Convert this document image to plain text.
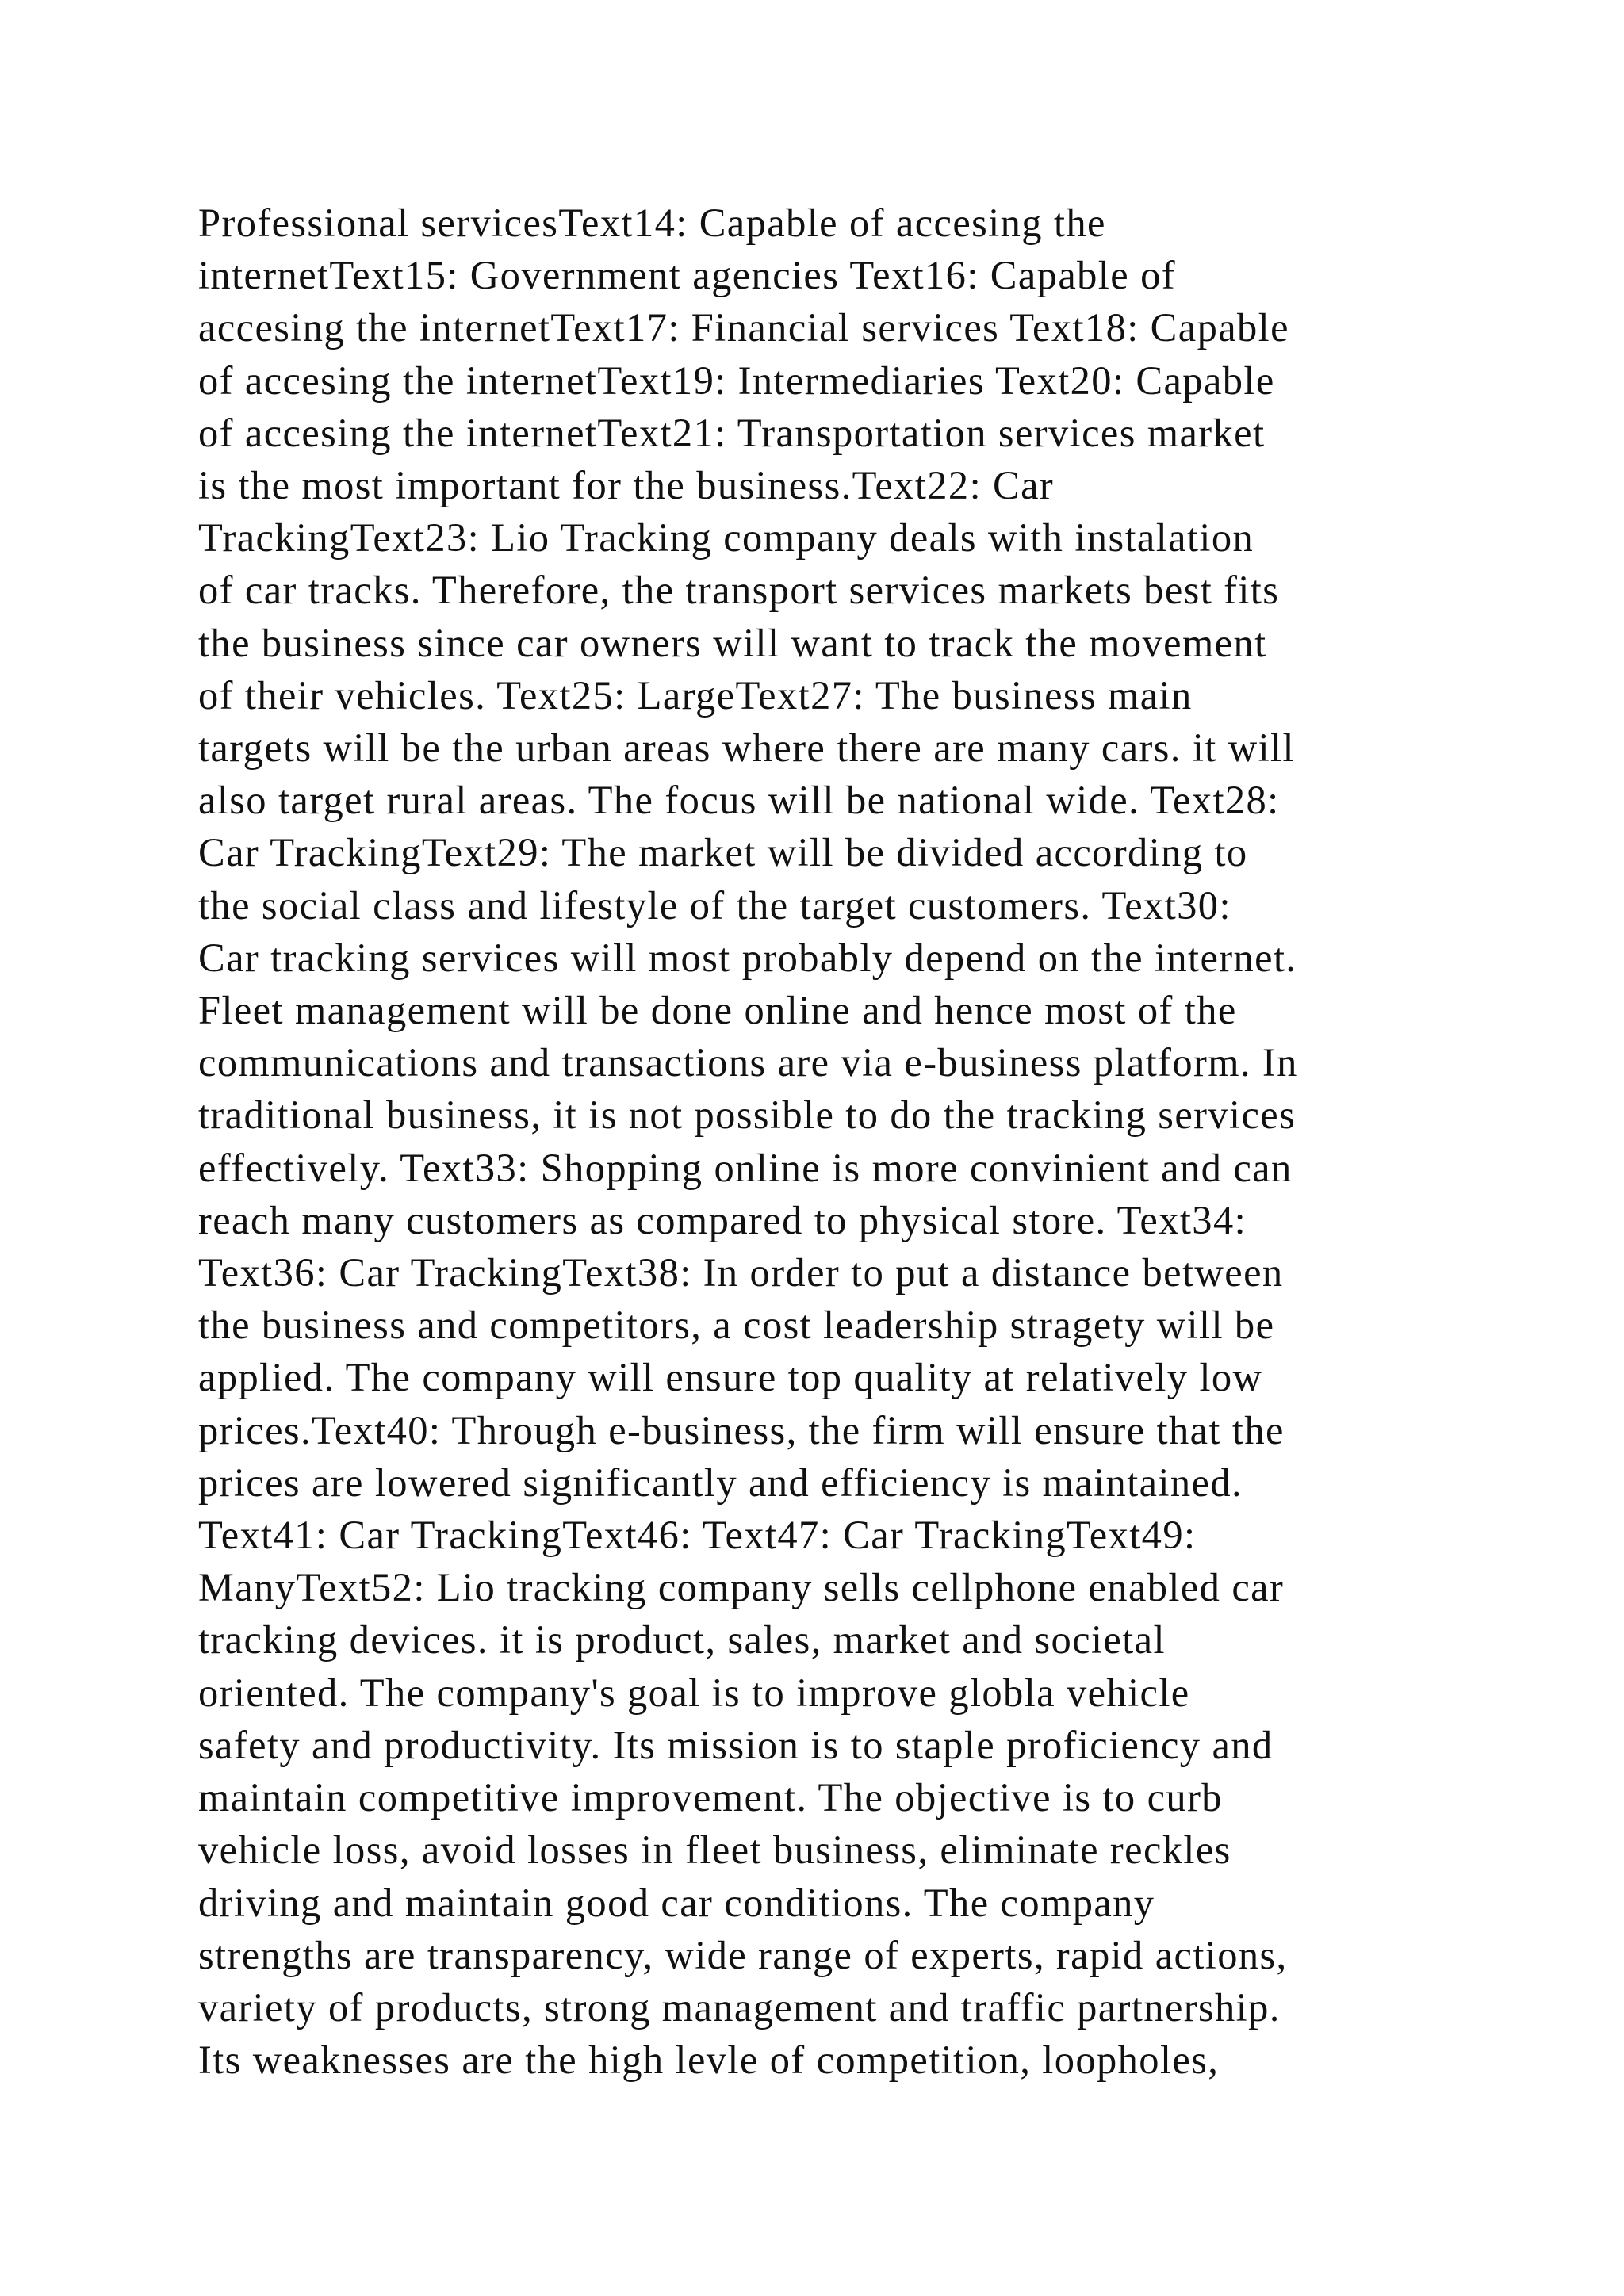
Professional servicesText14: Capable of accesing the
internetText15: Government agencies Text16: Capable of
accesing the internetText17: Financial services Text18: Capable
of accesing the internetText19: Intermediaries Text20: Capable
of accesing the internetText21: Transportation services market
is the most important for the business.Text22: Car
TrackingText23: Lio Tracking company deals with instalation
of car tracks. Therefore, the transport services markets best fits
the business since car owners will want to track the movement
of their vehicles. Text25: LargeText27: The business main
targets will be the urban areas where there are many cars. it will
also target rural areas. The focus will be national wide. Text28:
Car TrackingText29: The market will be divided according to
the social class and lifestyle of the target customers. Text30:
Car tracking services will most probably depend on the internet.
Fleet management will be done online and hence most of the
communications and transactions are via e-business platform. In
traditional business, it is not possible to do the tracking services
effectively. Text33: Shopping online is more convinient and can
reach many customers as compared to physical store. Text34:
Text36: Car TrackingText38: In order to put a distance between
the business and competitors, a cost leadership stragety will be
applied. The company will ensure top quality at relatively low
prices.Text40: Through e-business, the firm will ensure that the
prices are lowered significantly and efficiency is maintained.
Text41: Car TrackingText46: Text47: Car TrackingText49:
ManyText52: Lio tracking company sells cellphone enabled car
tracking devices. it is product, sales, market and societal
oriented. The company's goal is to improve globla vehicle
safety and productivity. Its mission is to staple proficiency and
maintain competitive improvement. The objective is to curb
vehicle loss, avoid losses in fleet business, eliminate reckles
driving and maintain good car conditions. The company
strengths are transparency, wide range of experts, rapid actions,
variety of products, strong management and traffic partnership.
Its weaknesses are the high levle of competition, loopholes,
